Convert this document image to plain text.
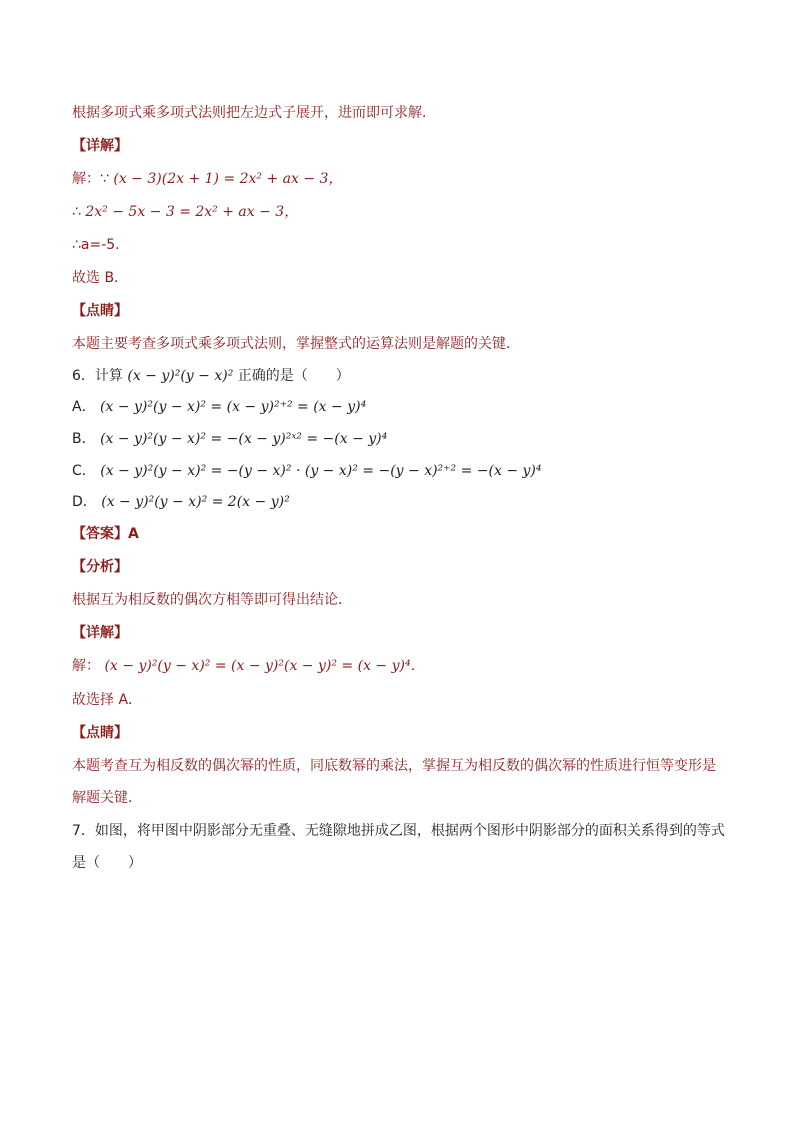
根据多项式乘多项式法则把左边式子展开，进而即可求解．
【详解】
解：∵ (x − 3)(2x + 1) = 2x² + ax − 3，
∴ 2x² − 5x − 3 = 2x² + ax − 3，
∴a=-5．
故选 B．
【点睛】
本题主要考查多项式乘多项式法则，掌握整式的运算法则是解题的关键．
6．计算 (x − y)²(y − x)² 正确的是（　　）
A． (x − y)²(y − x)² = (x − y)²⁺² = (x − y)⁴
B． (x − y)²(y − x)² = −(x − y)²ˣ² = −(x − y)⁴
C． (x − y)²(y − x)² = −(y − x)² · (y − x)² = −(y − x)²⁺² = −(x − y)⁴
D． (x − y)²(y − x)² = 2(x − y)²
【答案】A
【分析】
根据互为相反数的偶次方相等即可得出结论．
【详解】
解： (x − y)²(y − x)² = (x − y)²(x − y)² = (x − y)⁴．
故选择 A．
【点睛】
本题考查互为相反数的偶次幂的性质，同底数幂的乘法，掌握互为相反数的偶次幂的性质进行恒等变形是
解题关键．
7．如图，将甲图中阴影部分无重叠、无缝隙地拼成乙图，根据两个图形中阴影部分的面积关系得到的等式
是（　　）
